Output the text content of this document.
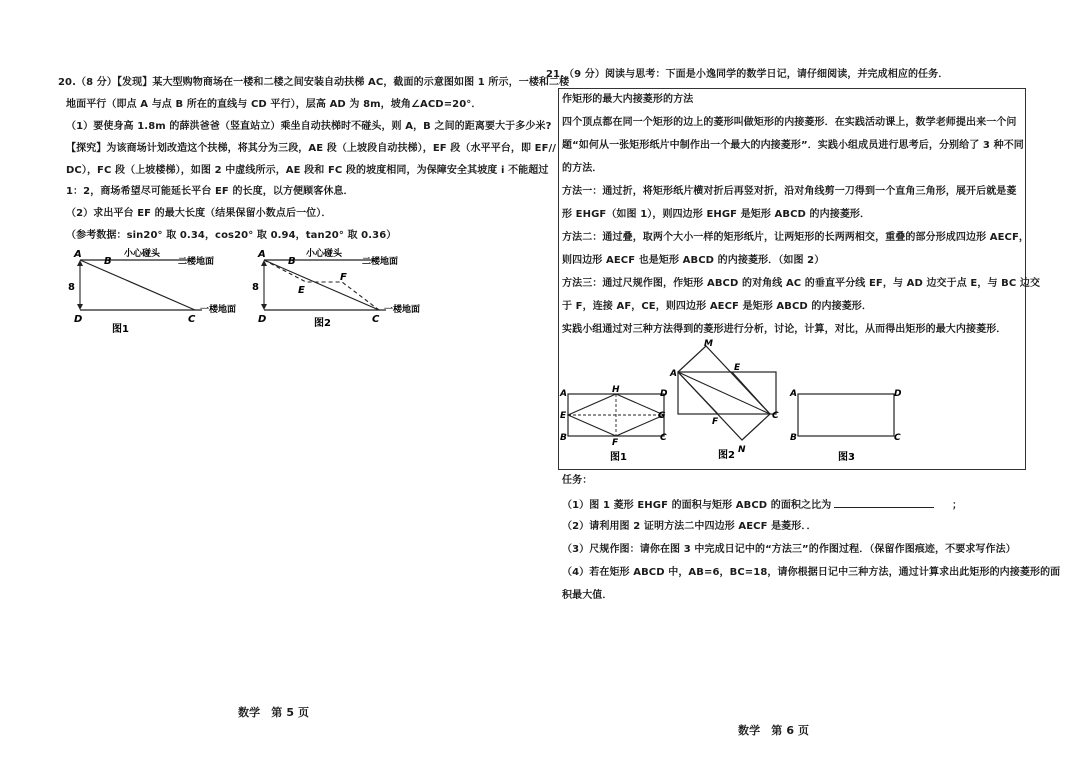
20.（8 分）【发现】某大型购物商场在一楼和二楼之间安装自动扶梯 AC，截面的示意图如图 1 所示，一楼和二楼
地面平行（即点 A 与点 B 所在的直线与 CD 平行），层高 AD 为 8m，坡角∠ACD=20°．
（1）要使身高 1.8m 的薛洪爸爸（竖直站立）乘坐自动扶梯时不碰头，则 A，B 之间的距离要大于多少米?
【探究】为该商场计划改造这个扶梯，将其分为三段，AE 段（上坡段自动扶梯），EF 段（水平平台，即 EF//
DC），FC 段（上坡楼梯），如图 2 中虚线所示，AE 段和 FC 段的坡度相同，为保障安全其坡度 i 不能超过
1：2，商场希望尽可能延长平台 EF 的长度，以方便顾客休息．
（2）求出平台 EF 的最大长度（结果保留小数点后一位）．
（参考数据：sin20° 取 0.34，cos20° 取 0.94，tan20° 取 0.36）
8
A
B
D	C
小心碰头
二楼地面
一楼地面
图1
8
A
B
E
F
D	C
小心碰头
二楼地面
一楼地面
图2
数学　第 5 页
21.（9 分）阅读与思考：下面是小逸同学的数学日记，请仔细阅读，并完成相应的任务．
作矩形的最大内接菱形的方法
四个顶点都在同一个矩形的边上的菱形叫做矩形的内接菱形．在实践活动课上，数学老师提出来一个问
题“如何从一张矩形纸片中制作出一个最大的内接菱形”．实践小组成员进行思考后，分别给了 3 种不同
的方法．
方法一：通过折，将矩形纸片横对折后再竖对折，沿对角线剪一刀得到一个直角三角形，展开后就是菱
形 EHGF（如图 1），则四边形 EHGF 是矩形 ABCD 的内接菱形．
方法二：通过叠，取两个大小一样的矩形纸片，让两矩形的长两两相交，重叠的部分形成四边形 AECF，
则四边形 AECF 也是矩形 ABCD 的内接菱形．（如图 2）
方法三：通过尺规作图，作矩形 ABCD 的对角线 AC 的垂直平分线 EF，与 AD 边交于点 E，与 BC 边交
于 F，连接 AF，CE，则四边形 AECF 是矩形 ABCD 的内接菱形．
实践小组通过对三种方法得到的菱形进行分析，讨论，计算，对比，从而得出矩形的最大内接菱形．
A	H	D
E	G
B	F	C
图1
A
M
E
C
F
N
图2
A	D
B	C
图3
任务：
（1）图 1 菱形 EHGF 的面积与矩形 ABCD 的面积之比为	；
（2）请利用图 2 证明方法二中四边形 AECF 是菱形．．
（3）尺规作图：请你在图 3 中完成日记中的“方法三”的作图过程．（保留作图痕迹，不要求写作法）
（4）若在矩形 ABCD 中，AB=6，BC=18，请你根据日记中三种方法，通过计算求出此矩形的内接菱形的面
积最大值．
数学　第 6 页
